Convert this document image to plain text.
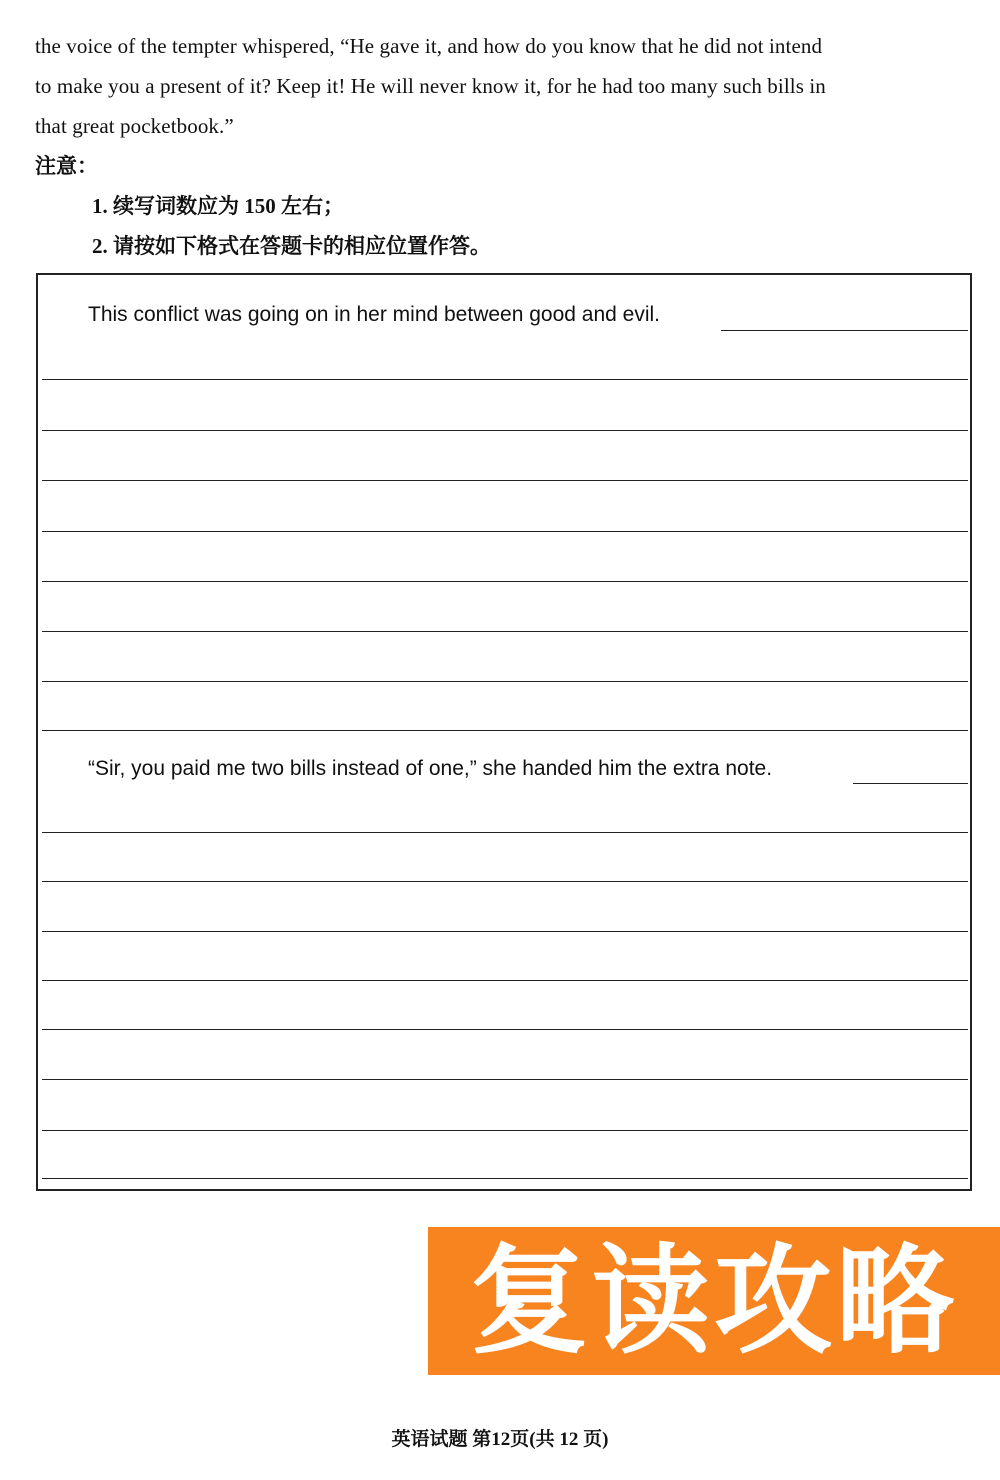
the voice of the tempter whispered, “He gave it, and how do you know that he did not intend

to make you a present of it? Keep it! He will never know it, for he had too many such bills in

that great pocketbook.”

注意：
1. 续写词数应为 150 左右；
2. 请按如下格式在答题卡的相应位置作答。
This conflict was going on in her mind between good and evil.
“Sir, you paid me two bills instead of one,” she handed him the extra note.
复读攻略
英语试题 第12页(共 12 页)
